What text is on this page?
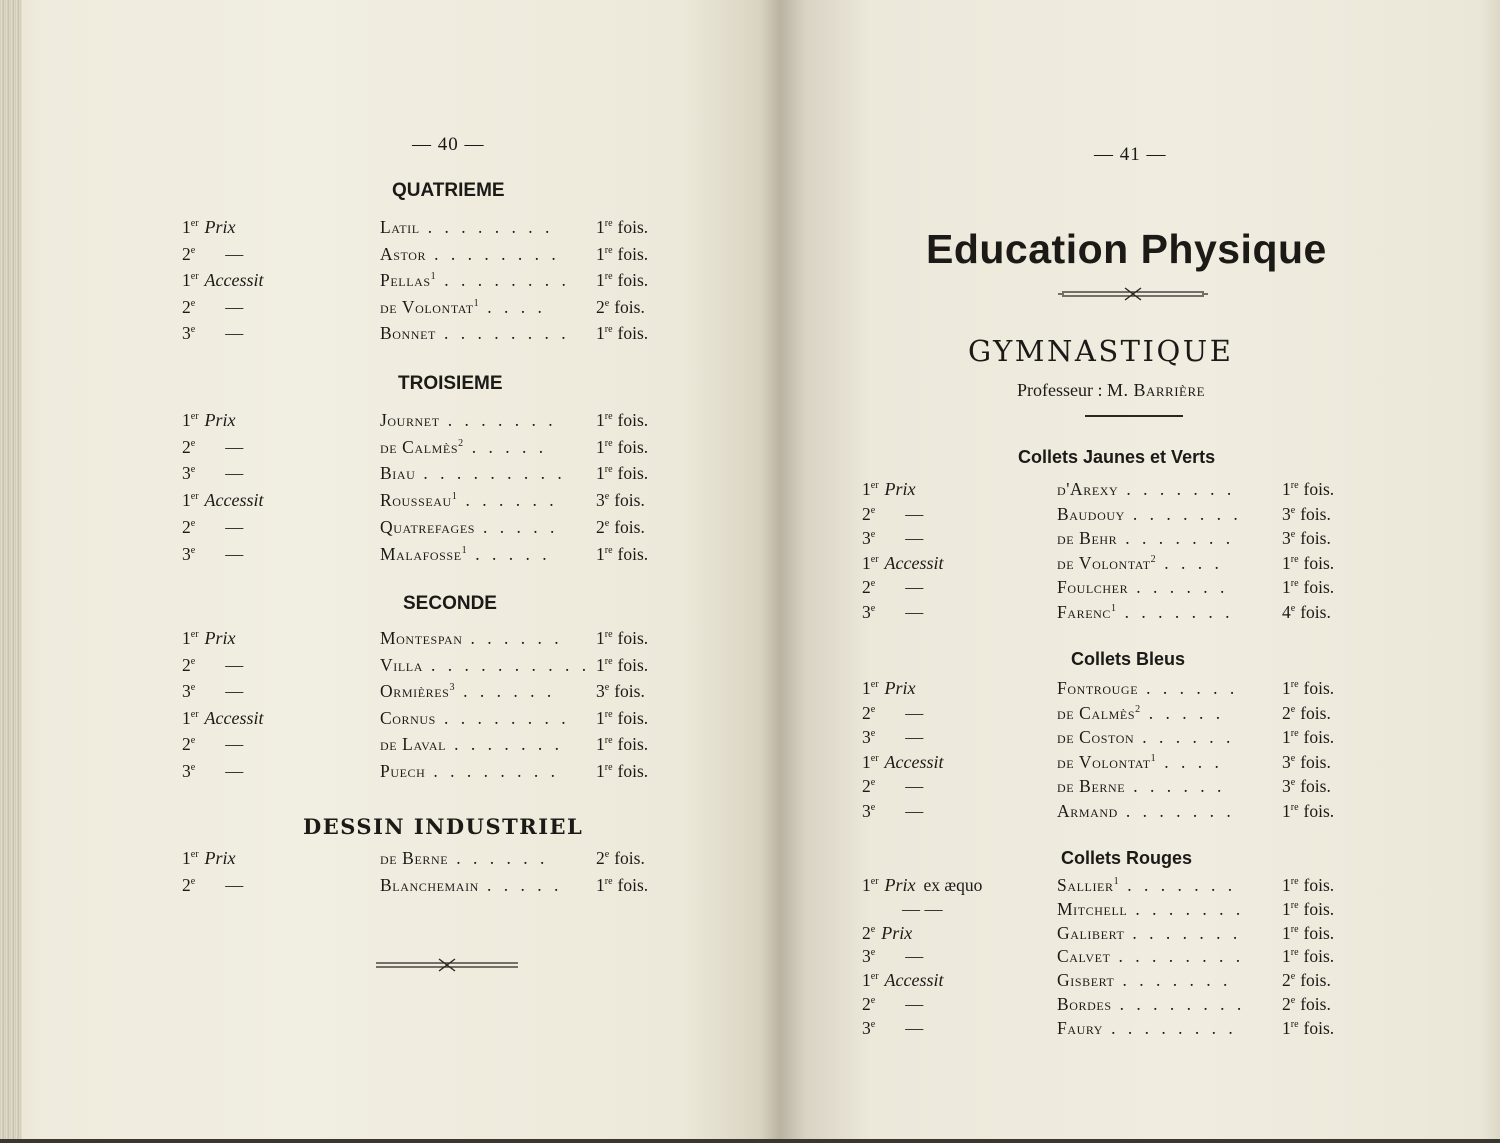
— 40 —
QUATRIEME
1er Prix	Latil . . . . . . . . 1re fois.
2e —	Astor . . . . . . . . 1re fois.
1er Accessit	Pellas$^1$ . . . . . . . . 1re fois.
2e —	de Volontat$^1$ . . . .	2e fois.
3e —	Bonnet . . . . . . . . 1re fois.
TROISIEME
1er Prix	Journet . . . . . . . 1re fois.
2e —	de Calmès$^2$ . . . . .	1re fois.
3e —	Biau . . . . . . . . . 1re fois.
1er Accessit	Rousseau$^1$ . . . . . . 3e fois.
2e —	Quatrefages . . . . . 2e fois.
3e —	Malafosse$^1$ . . . . .	1re fois.
SECONDE
1er Prix	Montespan . . . . . . 1re fois.
2e —	Villa . . . . . . . . . . 1re fois.
3e —	Ormières$^3$ . . . . . . 3e fois.
1er Accessit	Cornus . . . . . . . . 1re fois.
2e —	de Laval . . . . . . . 1re fois.
3e —	Puech . . . . . . . . 1re fois.
DESSIN INDUSTRIEL
1er Prix	de Berne . . . . . .	2e fois.
2e —	Blanchemain . . . . . 1re fois.
— 41 —
Education Physique
GYMNASTIQUE
Professeur : M. Barrière
Collets Jaunes et Verts
1er Prix	d'Arexy . . . . . . .	1re fois.
2e —	Baudouy . . . . . . . 3e fois.
3e —	de Behr . . . . . . .	3e fois.
1er Accessit	de Volontat$^2$ . . . .	1re fois.
2e —	Foulcher . . . . . .	1re fois.
3e —	Farenc$^1$ . . . . . . .	4e fois.
Collets Bleus
1er Prix	Fontrouge . . . . . . 1re fois.
2e —	de Calmès$^2$ . . . . .	2e fois.
3e —	de Coston . . . . . .	1re fois.
1er Accessit	de Volontat$^1$ . . . .	3e fois.
2e —	de Berne . . . . . .	3e fois.
3e —	Armand . . . . . . .	1re fois.
Collets Rouges
1er Prix ex æquo	Sallier$^1$ . . . . . . .	1re fois.
— —	Mitchell . . . . . . . 1re fois.
2e Prix	Galibert . . . . . . . 1re fois.
3e —	Calvet . . . . . . . . 1re fois.
1er Accessit	Gisbert . . . . . . .	2e fois.
2e —	Bordes . . . . . . . . 2e fois.
3e —	Faury . . . . . . . .	1re fois.
